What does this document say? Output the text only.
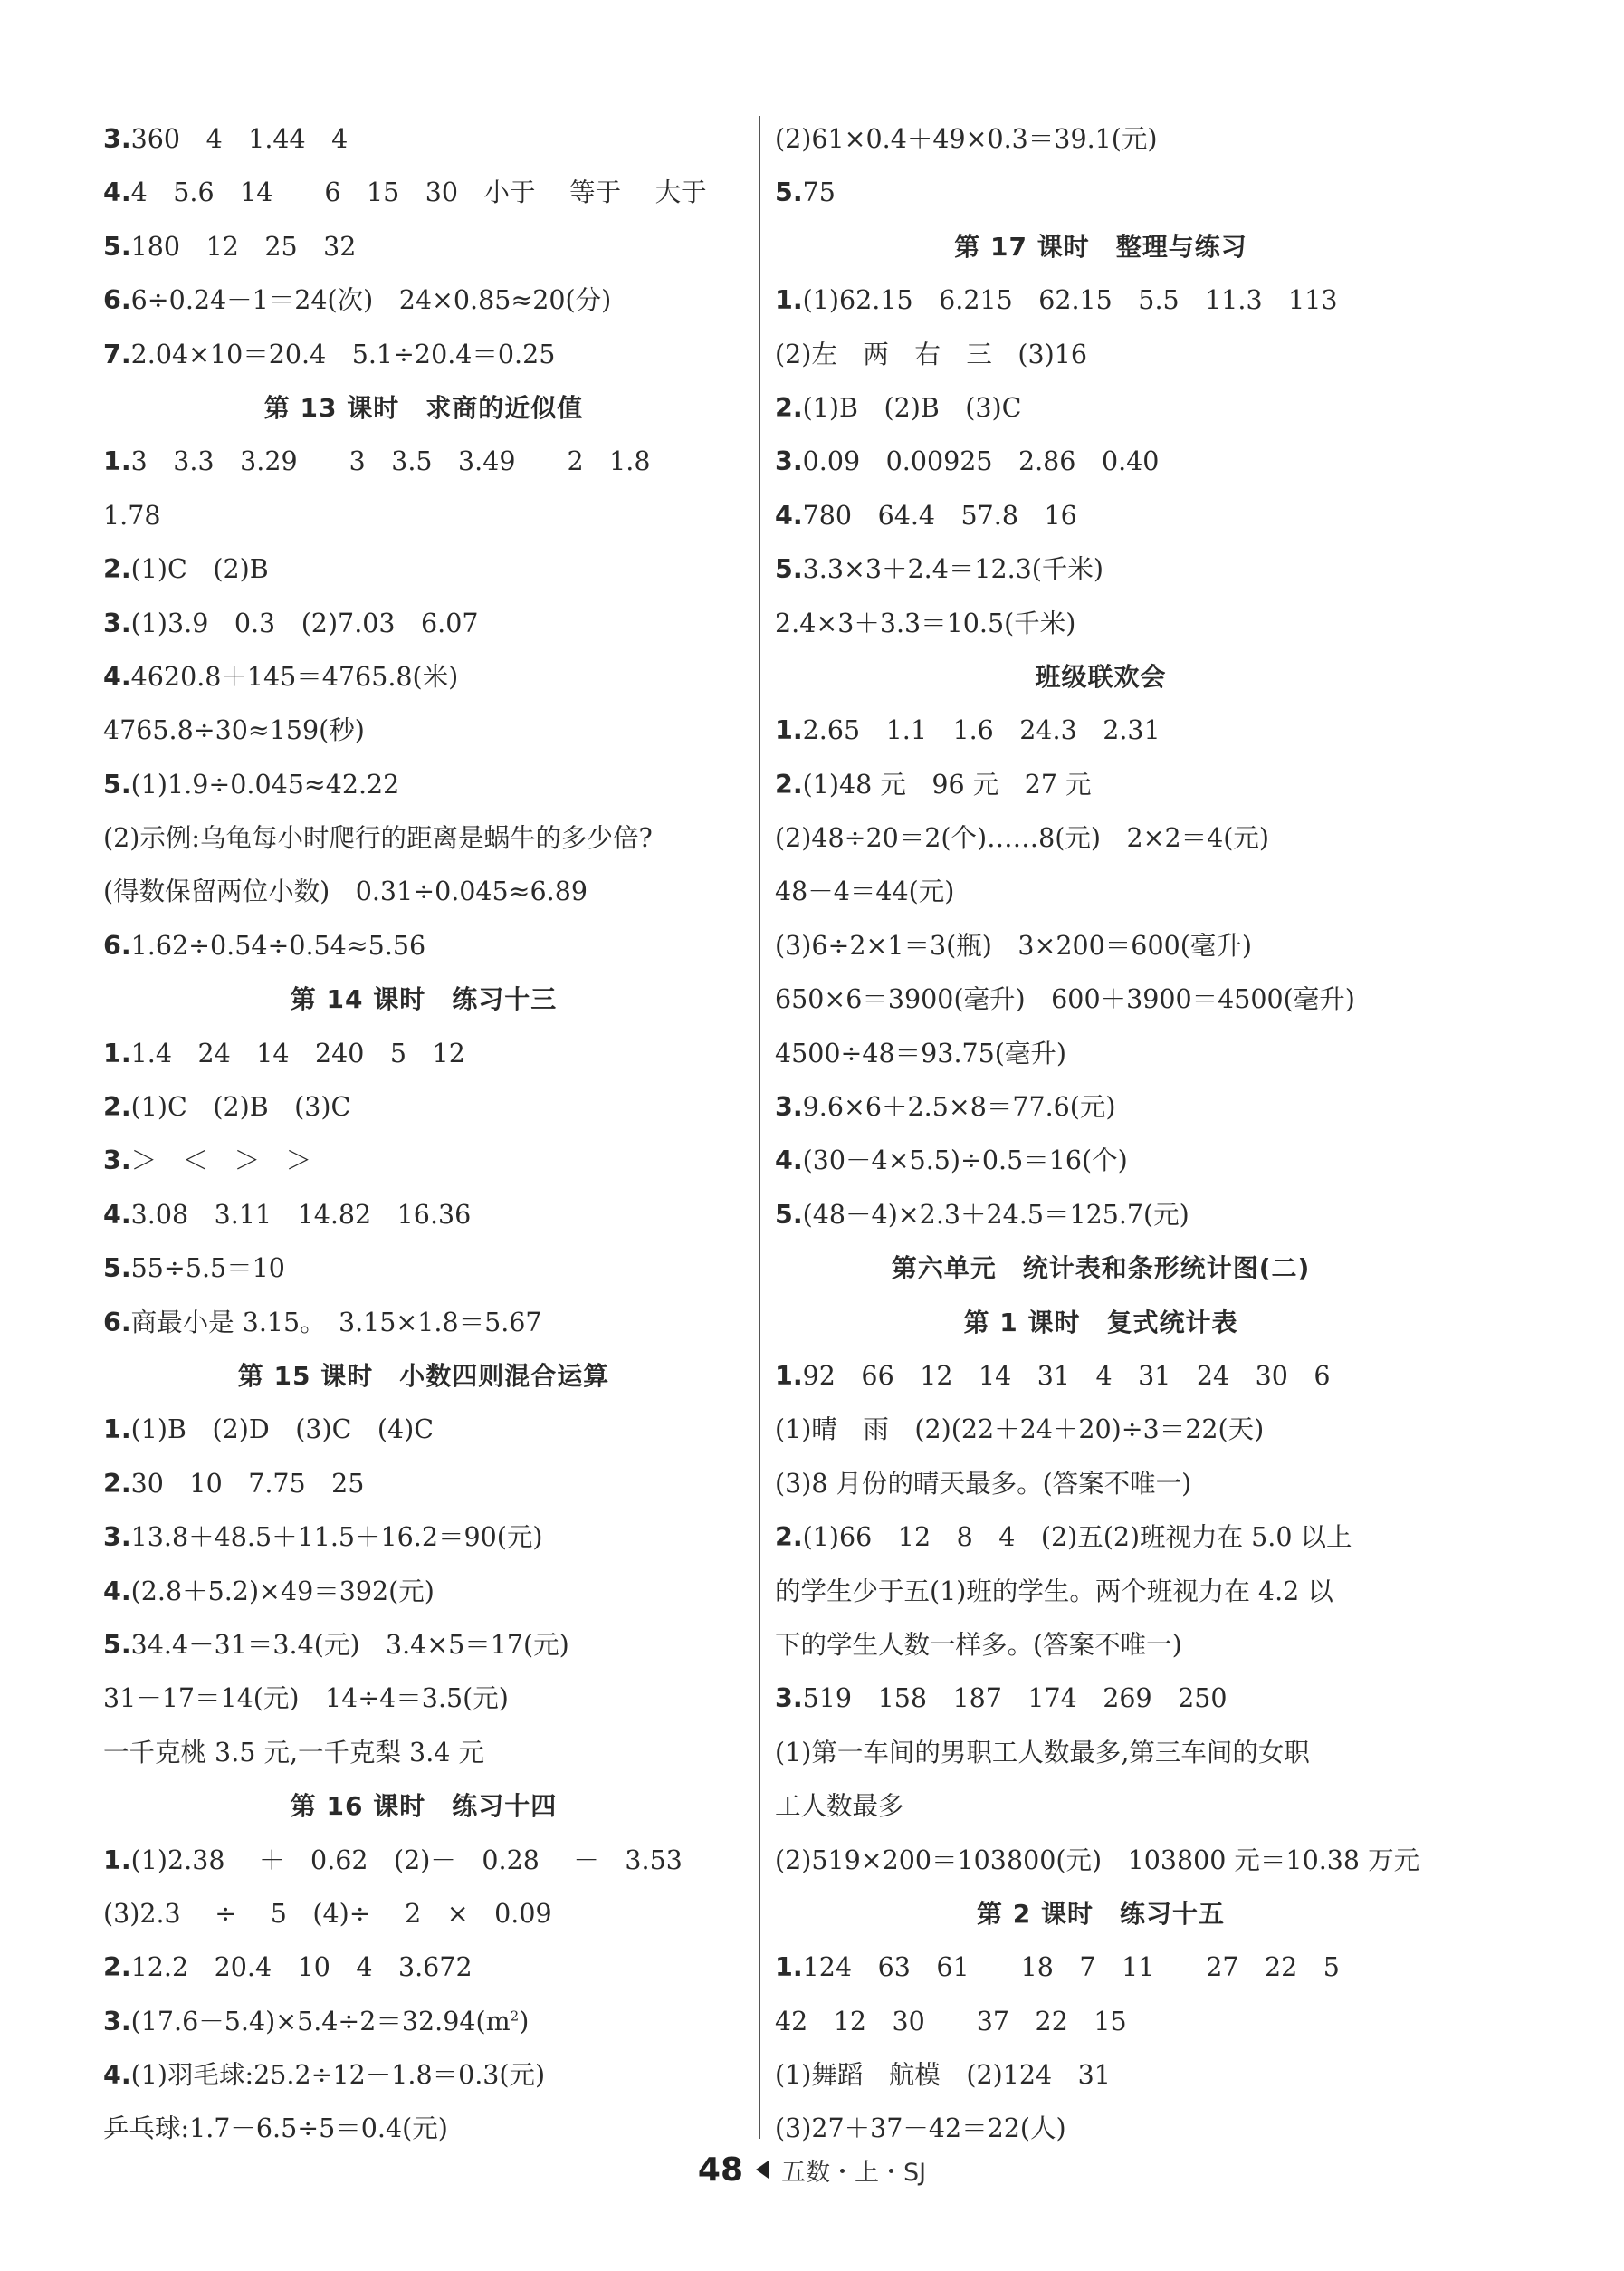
3.360　4　1.44　4
4.4　5.6　14　　6　15　30　小于　 等于　 大于
5.180　12　25　32
6.6÷0.24－1＝24(次)　24×0.85≈20(分)
7.2.04×10＝20.4　5.1÷20.4＝0.25
第 13 课时　求商的近似值
1.3　3.3　3.29　　3　3.5　3.49　　2　1.8
1.78
2.(1)C　(2)B
3.(1)3.9　0.3　(2)7.03　6.07
4.4620.8＋145＝4765.8(米)
4765.8÷30≈159(秒)
5.(1)1.9÷0.045≈42.22
(2)示例:乌龟每小时爬行的距离是蜗牛的多少倍?
(得数保留两位小数)　0.31÷0.045≈6.89
6.1.62÷0.54÷0.54≈5.56
第 14 课时　练习十三
1.1.4　24　14　240　5　12
2.(1)C　(2)B　(3)C
3.＞　＜　＞　＞
4.3.08　3.11　14.82　16.36
5.55÷5.5＝10
6.商最小是 3.15。　3.15×1.8＝5.67
第 15 课时　小数四则混合运算
1.(1)B　(2)D　(3)C　(4)C
2.30　10　7.75　25
3.13.8＋48.5＋11.5＋16.2＝90(元)
4.(2.8＋5.2)×49＝392(元)
5.34.4－31＝3.4(元)　3.4×5＝17(元)
31－17＝14(元)　14÷4＝3.5(元)
一千克桃 3.5 元,一千克梨 3.4 元
第 16 课时　练习十四
1.(1)2.38　 ＋　0.62　(2)－　0.28　 －　3.53
(3)2.3　 ÷　 5　(4)÷　 2　×　0.09
2.12.2　20.4　10　4　3.672
$3.(17.6-5.4)\times 5.4\div 2=32.94(m^2)$
4.(1)羽毛球:25.2÷12－1.8＝0.3(元)
乒乓球:1.7－6.5÷5＝0.4(元)
(2)61×0.4＋49×0.3＝39.1(元)
5.75
第 17 课时　整理与练习
1.(1)62.15　6.215　62.15　5.5　11.3　113
(2)左　两　右　三　(3)16
2.(1)B　(2)B　(3)C
3.0.09　0.00925　2.86　0.40
4.780　64.4　57.8　16
5.3.3×3＋2.4＝12.3(千米)
2.4×3＋3.3＝10.5(千米)
班级联欢会
1.2.65　1.1　1.6　24.3　2.31
2.(1)48 元　96 元　27 元
(2)48÷20＝2(个)……8(元)　2×2＝4(元)
48－4＝44(元)
(3)6÷2×1＝3(瓶)　3×200＝600(毫升)
650×6＝3900(毫升)　600＋3900＝4500(毫升)
4500÷48＝93.75(毫升)
3.9.6×6＋2.5×8＝77.6(元)
4.(30－4×5.5)÷0.5＝16(个)
5.(48－4)×2.3＋24.5＝125.7(元)
第六单元　统计表和条形统计图(二)
第 1 课时　复式统计表
1.92　66　12　14　31　4　31　24　30　6
(1)晴　雨　(2)(22＋24＋20)÷3＝22(天)
(3)8 月份的晴天最多。(答案不唯一)
2.(1)66　12　8　4　(2)五(2)班视力在 5.0 以上
的学生少于五(1)班的学生。两个班视力在 4.2 以
下的学生人数一样多。(答案不唯一)
3.519　158　187　174　269　250
(1)第一车间的男职工人数最多,第三车间的女职
工人数最多
(2)519×200＝103800(元)　103800 元＝10.38 万元
第 2 课时　练习十五
1.124　63　61　　18　7　11　　27　22　5
42　12　30　　37　22　15
(1)舞蹈　航模　(2)124　31
(3)27＋37－42＝22(人)
48 五数・上・SJ
